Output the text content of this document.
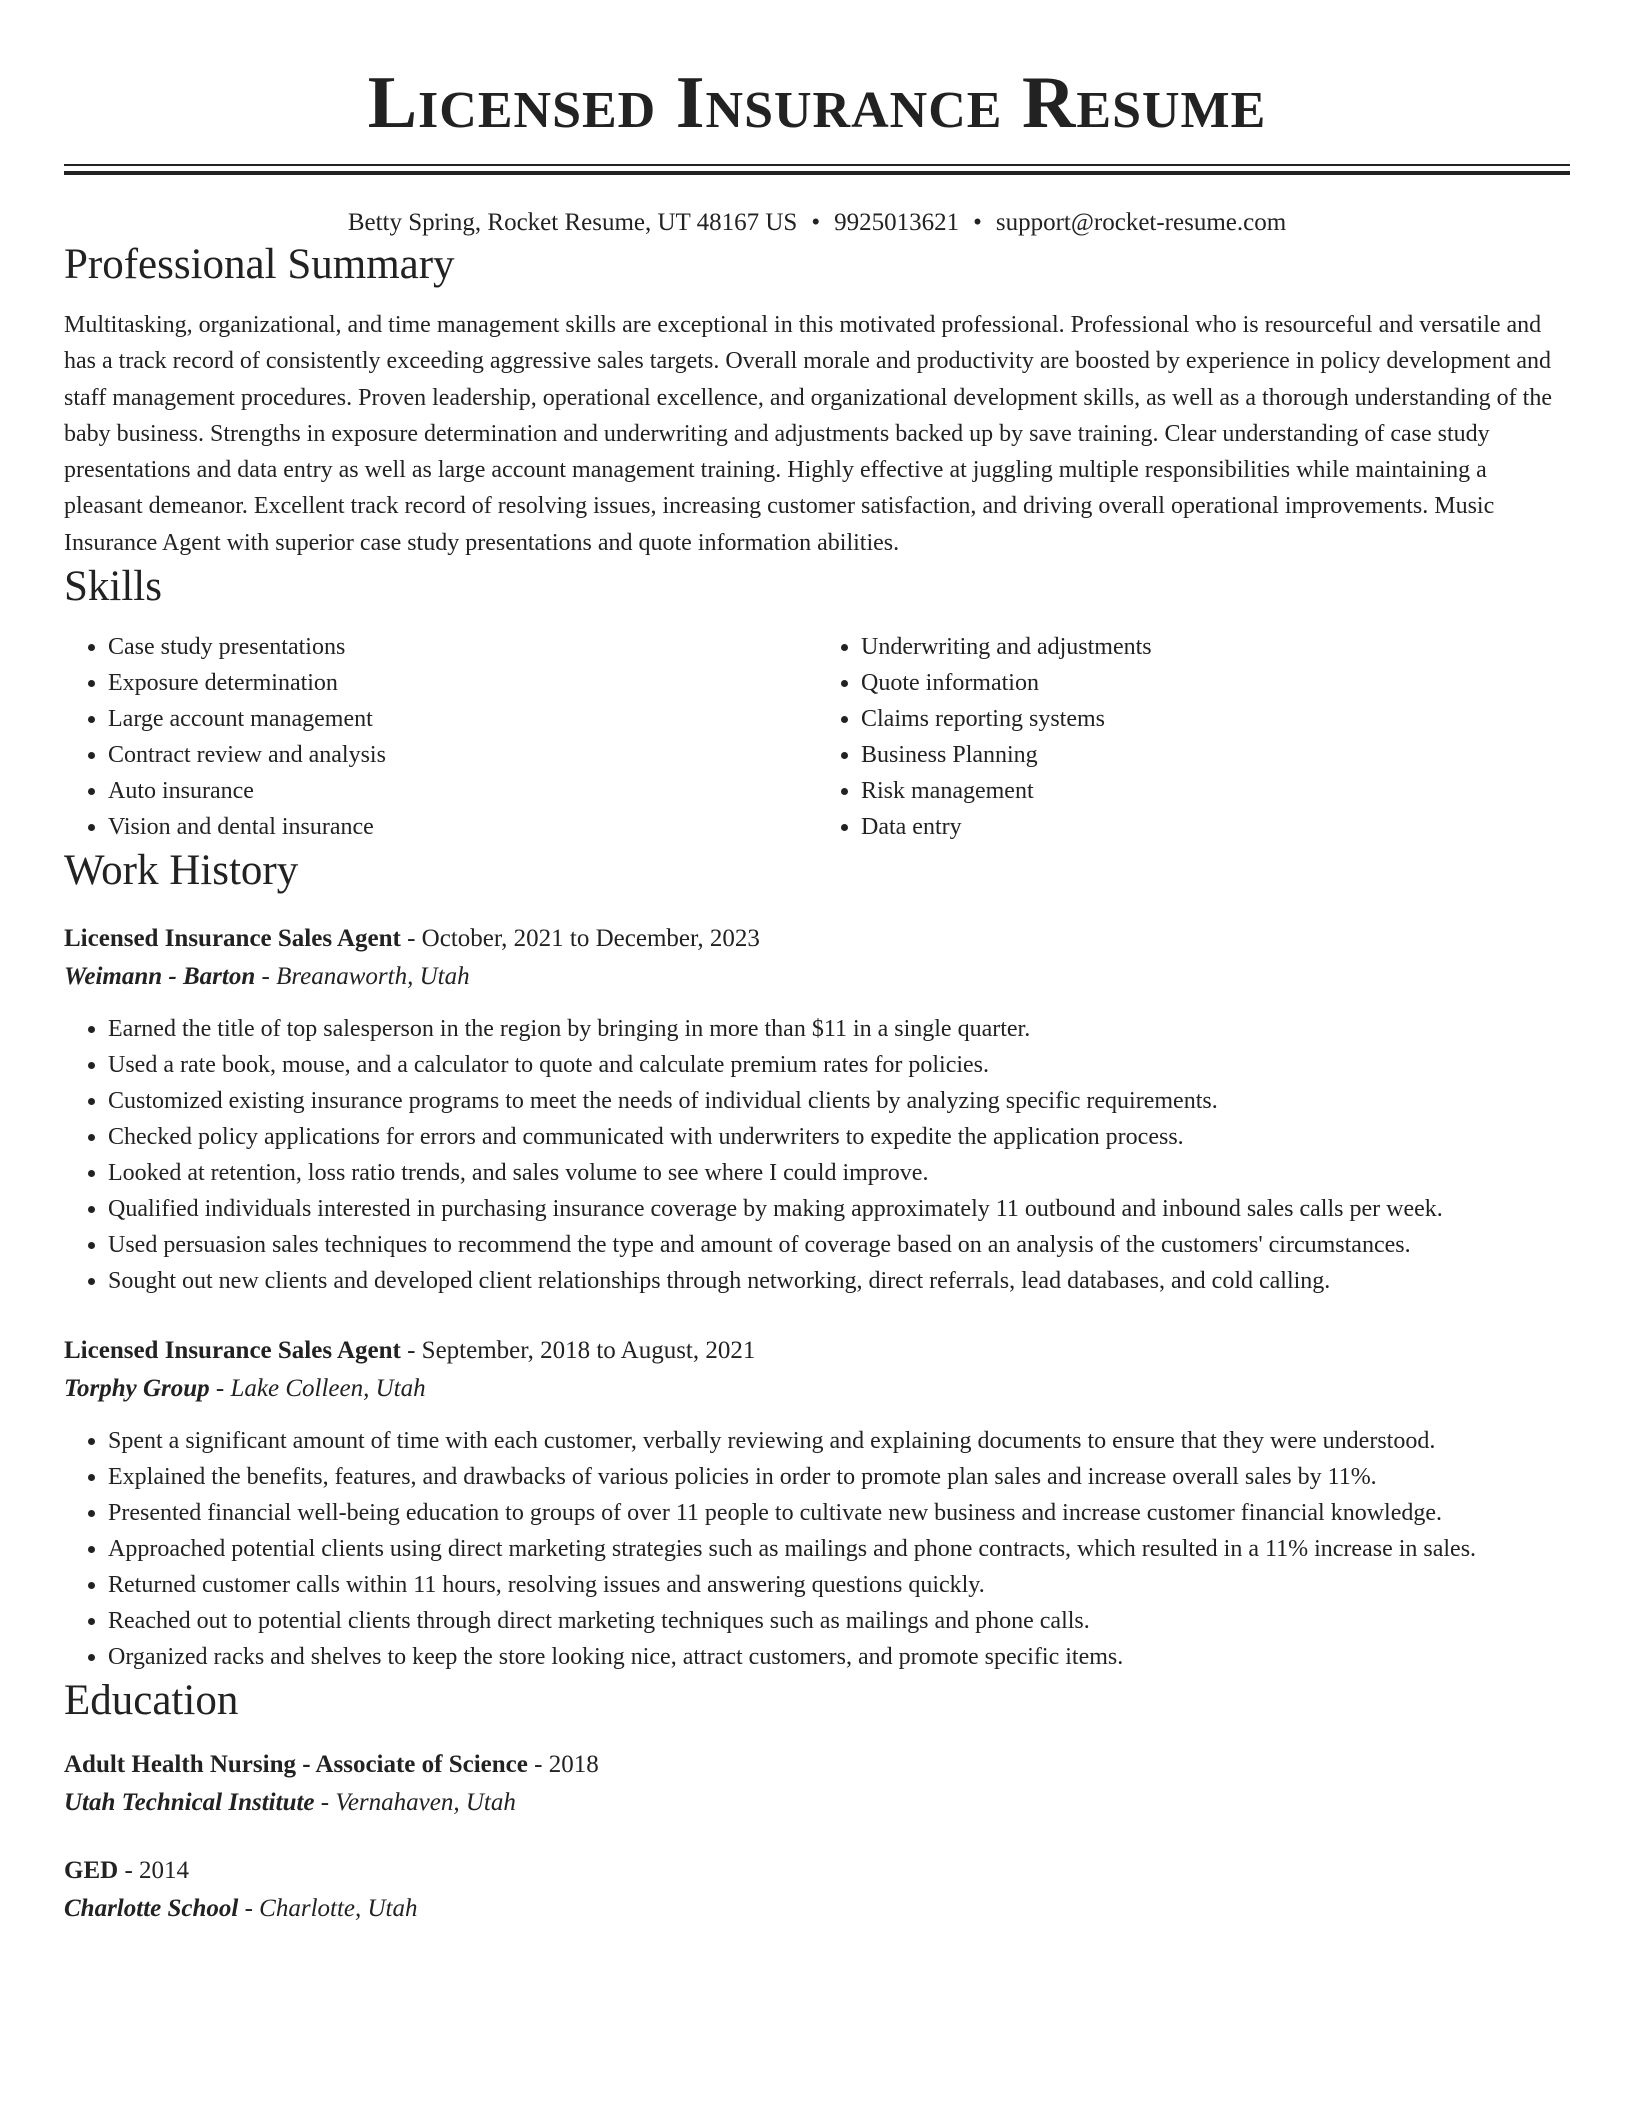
Licensed Insurance Resume
Betty Spring, Rocket Resume, UT 48167 US • 9925013621 • support@rocket-resume.com
Professional Summary

Multitasking, organizational, and time management skills are exceptional in this motivated professional. Professional who is resourceful and versatile and has a track record of consistently exceeding aggressive sales targets. Overall morale and productivity are boosted by experience in policy development and staff management procedures. Proven leadership, operational excellence, and organizational development skills, as well as a thorough understanding of the baby business. Strengths in exposure determination and underwriting and adjustments backed up by save training. Clear understanding of case study presentations and data entry as well as large account management training. Highly effective at juggling multiple responsibilities while maintaining a pleasant demeanor. Excellent track record of resolving issues, increasing customer satisfaction, and driving overall operational improvements. Music Insurance Agent with superior case study presentations and quote information abilities.

Skills
• Case study presentations
• Exposure determination
• Large account management
• Contract review and analysis
• Auto insurance
• Vision and dental insurance
• Underwriting and adjustments
• Quote information
• Claims reporting systems
• Business Planning
• Risk management
• Data entry
Work History
Licensed Insurance Sales Agent - October, 2021 to December, 2023
Weimann - Barton - Breanaworth, Utah
• Earned the title of top salesperson in the region by bringing in more than $11 in a single quarter.
• Used a rate book, mouse, and a calculator to quote and calculate premium rates for policies.
• Customized existing insurance programs to meet the needs of individual clients by analyzing specific requirements.
• Checked policy applications for errors and communicated with underwriters to expedite the application process.
• Looked at retention, loss ratio trends, and sales volume to see where I could improve.
• Qualified individuals interested in purchasing insurance coverage by making approximately 11 outbound and inbound sales calls per week.
• Used persuasion sales techniques to recommend the type and amount of coverage based on an analysis of the customers' circumstances.
• Sought out new clients and developed client relationships through networking, direct referrals, lead databases, and cold calling.
Licensed Insurance Sales Agent - September, 2018 to August, 2021
Torphy Group - Lake Colleen, Utah
• Spent a significant amount of time with each customer, verbally reviewing and explaining documents to ensure that they were understood.
• Explained the benefits, features, and drawbacks of various policies in order to promote plan sales and increase overall sales by 11%.
• Presented financial well-being education to groups of over 11 people to cultivate new business and increase customer financial knowledge.
• Approached potential clients using direct marketing strategies such as mailings and phone contracts, which resulted in a 11% increase in sales.
• Returned customer calls within 11 hours, resolving issues and answering questions quickly.
• Reached out to potential clients through direct marketing techniques such as mailings and phone calls.
• Organized racks and shelves to keep the store looking nice, attract customers, and promote specific items.
Education
Adult Health Nursing - Associate of Science - 2018
Utah Technical Institute - Vernahaven, Utah
GED - 2014
Charlotte School - Charlotte, Utah
